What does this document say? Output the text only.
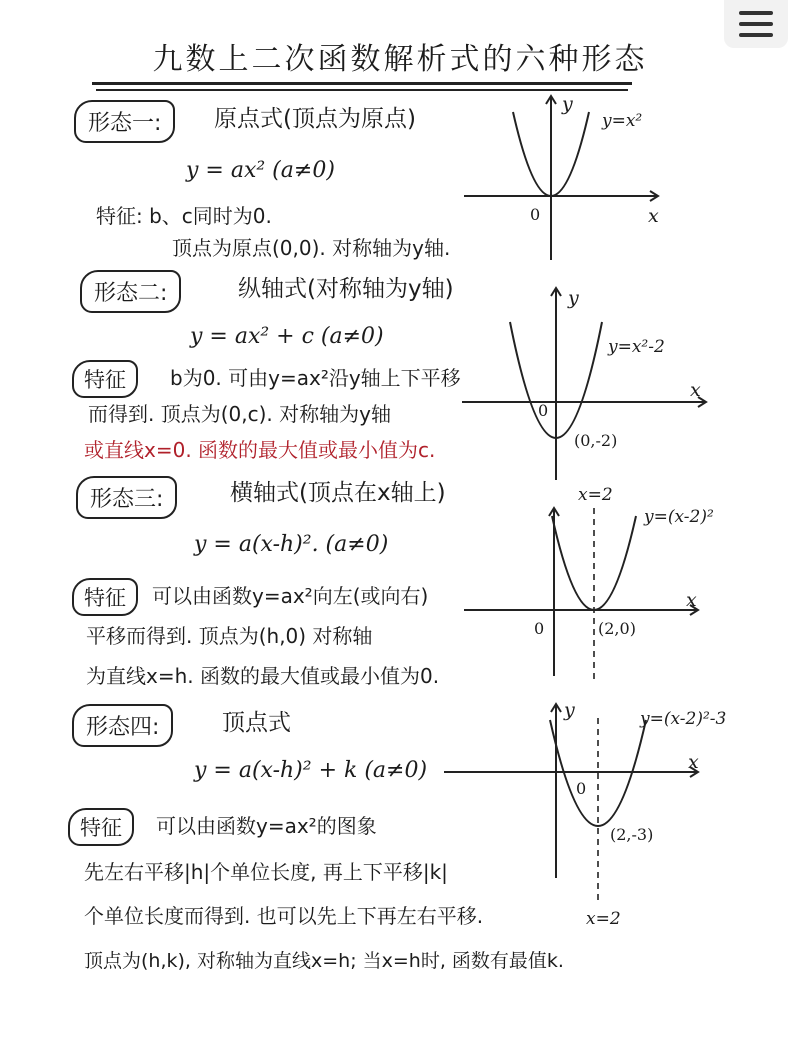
九数上二次函数解析式的六种形态
形态一:	原点式(顶点为原点)
y = ax² (a≠0)
特征: b、c同时为0.
顶点为原点(0,0). 对称轴为y轴.
0	x
y
y=x²
形态二:	纵轴式(对称轴为y轴)
y = ax² + c (a≠0)
特征	b为0. 可由y=ax²沿y轴上下平移
而得到. 顶点为(0,c). 对称轴为y轴
或直线x=0. 函数的最大值或最小值为c.
0
x
y
y=x²-2
(0,-2)
形态三:	横轴式(顶点在x轴上)
y = a(x-h)². (a≠0)
特征	可以由函数y=ax²向左(或向右)
平移而得到. 顶点为(h,0) 对称轴
为直线x=h. 函数的最大值或最小值为0.
0
x
x=2
y=(x-2)²
(2,0)
形态四:	顶点式
y = a(x-h)² + k (a≠0)
特征	可以由函数y=ax²的图象
先左右平移|h|个单位长度, 再上下平移|k|
个单位长度而得到. 也可以先上下再左右平移.
顶点为(h,k), 对称轴为直线x=h; 当x=h时, 函数有最值k.
0
x
y	y=(x-2)²-3
(2,-3)
x=2
